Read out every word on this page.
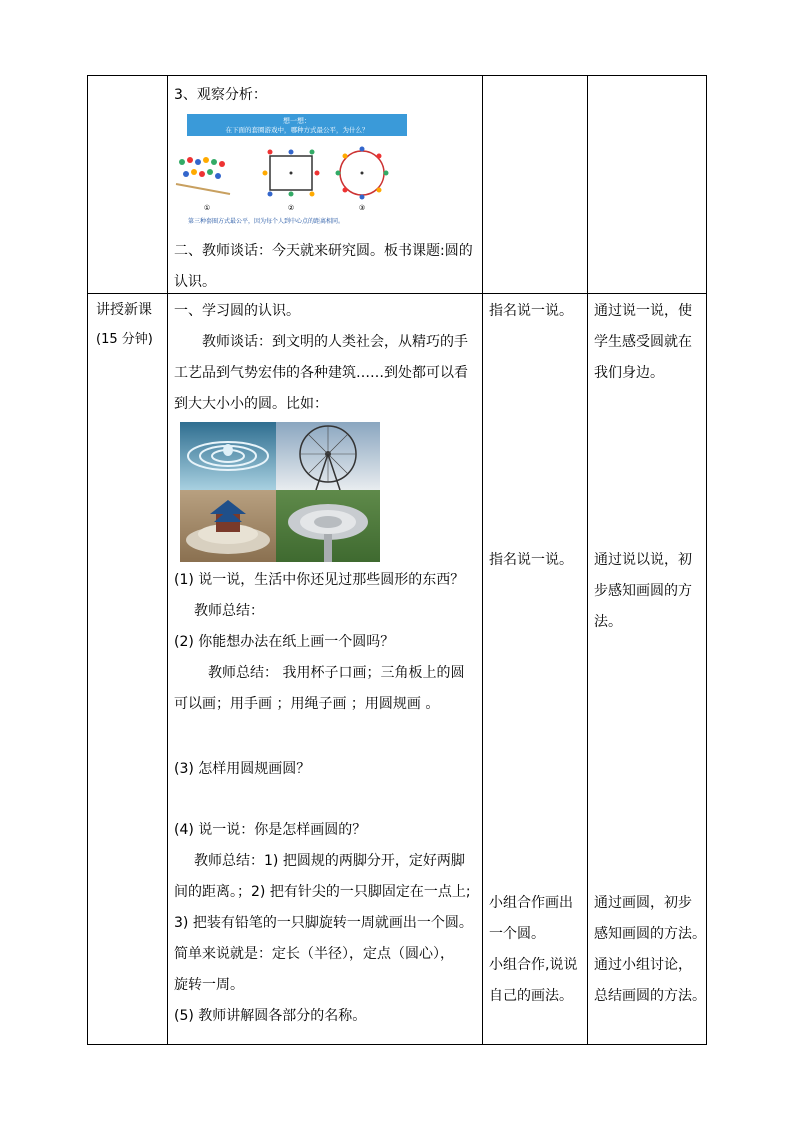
3、观察分析：

想一想：
在下面的套圈游戏中，哪种方式最公平，为什么？
①	②	③
第三种套圈方式最公平，因为每个人到中心点的距离相同。

二、教师谈话：今天就来研究圆。板书课题:圆的

认识。

讲授新课

(15 分钟)

一、学习圆的认识。

教师谈话：到文明的人类社会，从精巧的手

工艺品到气势宏伟的各种建筑……到处都可以看

到大大小小的圆。比如：

(1) 说一说，生活中你还见过那些圆形的东西？

教师总结：

(2) 你能想办法在纸上画一个圆吗？

教师总结： 我用杯子口画；三角板上的圆

可以画；用手画 ；用绳子画 ；用圆规画 。

(3) 怎样用圆规画圆？

(4) 说一说：你是怎样画圆的？

教师总结：1) 把圆规的两脚分开，定好两脚

间的距离。；2) 把有针尖的一只脚固定在一点上;

3) 把装有铅笔的一只脚旋转一周就画出一个圆。

简单来说就是：定长（半径），定点（圆心），

旋转一周。

(5) 教师讲解圆各部分的名称。

指名说一说。

指名说一说。

小组合作画出

一个圆。

小组合作,说说

自己的画法。

通过说一说，使

学生感受圆就在

我们身边。

通过说以说，初

步感知画圆的方

法。

通过画圆，初步

感知画圆的方法。

通过小组讨论，

总结画圆的方法。
